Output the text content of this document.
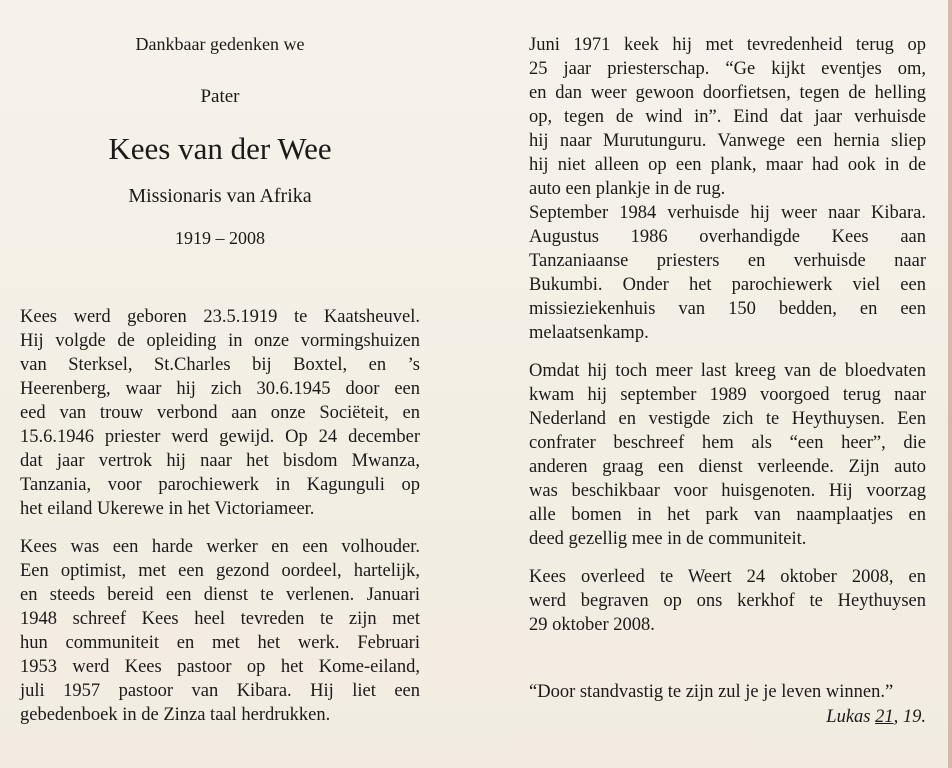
Dankbaar gedenken we
Pater
Kees van der Wee
Missionaris van Afrika
1919 – 2008
Kees werd geboren 23.5.1919 te Kaatsheuvel.
Hij volgde de opleiding in onze vormingshuizen
van Sterksel, St.Charles bij Boxtel, en ’s
Heerenberg, waar hij zich 30.6.1945 door een
eed van trouw verbond aan onze Sociëteit, en
15.6.1946 priester werd gewijd. Op 24 december
dat jaar vertrok hij naar het bisdom Mwanza,
Tanzania, voor parochiewerk in Kagunguli op
het eiland Ukerewe in het Victoriameer.
Kees was een harde werker en een volhouder.
Een optimist, met een gezond oordeel, hartelijk,
en steeds bereid een dienst te verlenen. Januari
1948 schreef Kees heel tevreden te zijn met
hun communiteit en met het werk. Februari
1953 werd Kees pastoor op het Kome-eiland,
juli 1957 pastoor van Kibara. Hij liet een
gebedenboek in de Zinza taal herdrukken.
Juni 1971 keek hij met tevredenheid terug op
25 jaar priesterschap. “Ge kijkt eventjes om,
en dan weer gewoon doorfietsen, tegen de helling
op, tegen de wind in”. Eind dat jaar verhuisde
hij naar Murutunguru. Vanwege een hernia sliep
hij niet alleen op een plank, maar had ook in de
auto een plankje in de rug.
September 1984 verhuisde hij weer naar Kibara.
Augustus 1986 overhandigde Kees aan
Tanzaniaanse priesters en verhuisde naar
Bukumbi. Onder het parochiewerk viel een
missieziekenhuis van 150 bedden, en een
melaatsenkamp.
Omdat hij toch meer last kreeg van de bloedvaten
kwam hij september 1989 voorgoed terug naar
Nederland en vestigde zich te Heythuysen. Een
confrater beschreef hem als “een heer”, die
anderen graag een dienst verleende. Zijn auto
was beschikbaar voor huisgenoten. Hij voorzag
alle bomen in het park van naamplaatjes en
deed gezellig mee in de communiteit.
Kees overleed te Weert 24 oktober 2008, en
werd begraven op ons kerkhof te Heythuysen
29 oktober 2008.
“Door standvastig te zijn zul je je leven winnen.”
Lukas 21, 19.
